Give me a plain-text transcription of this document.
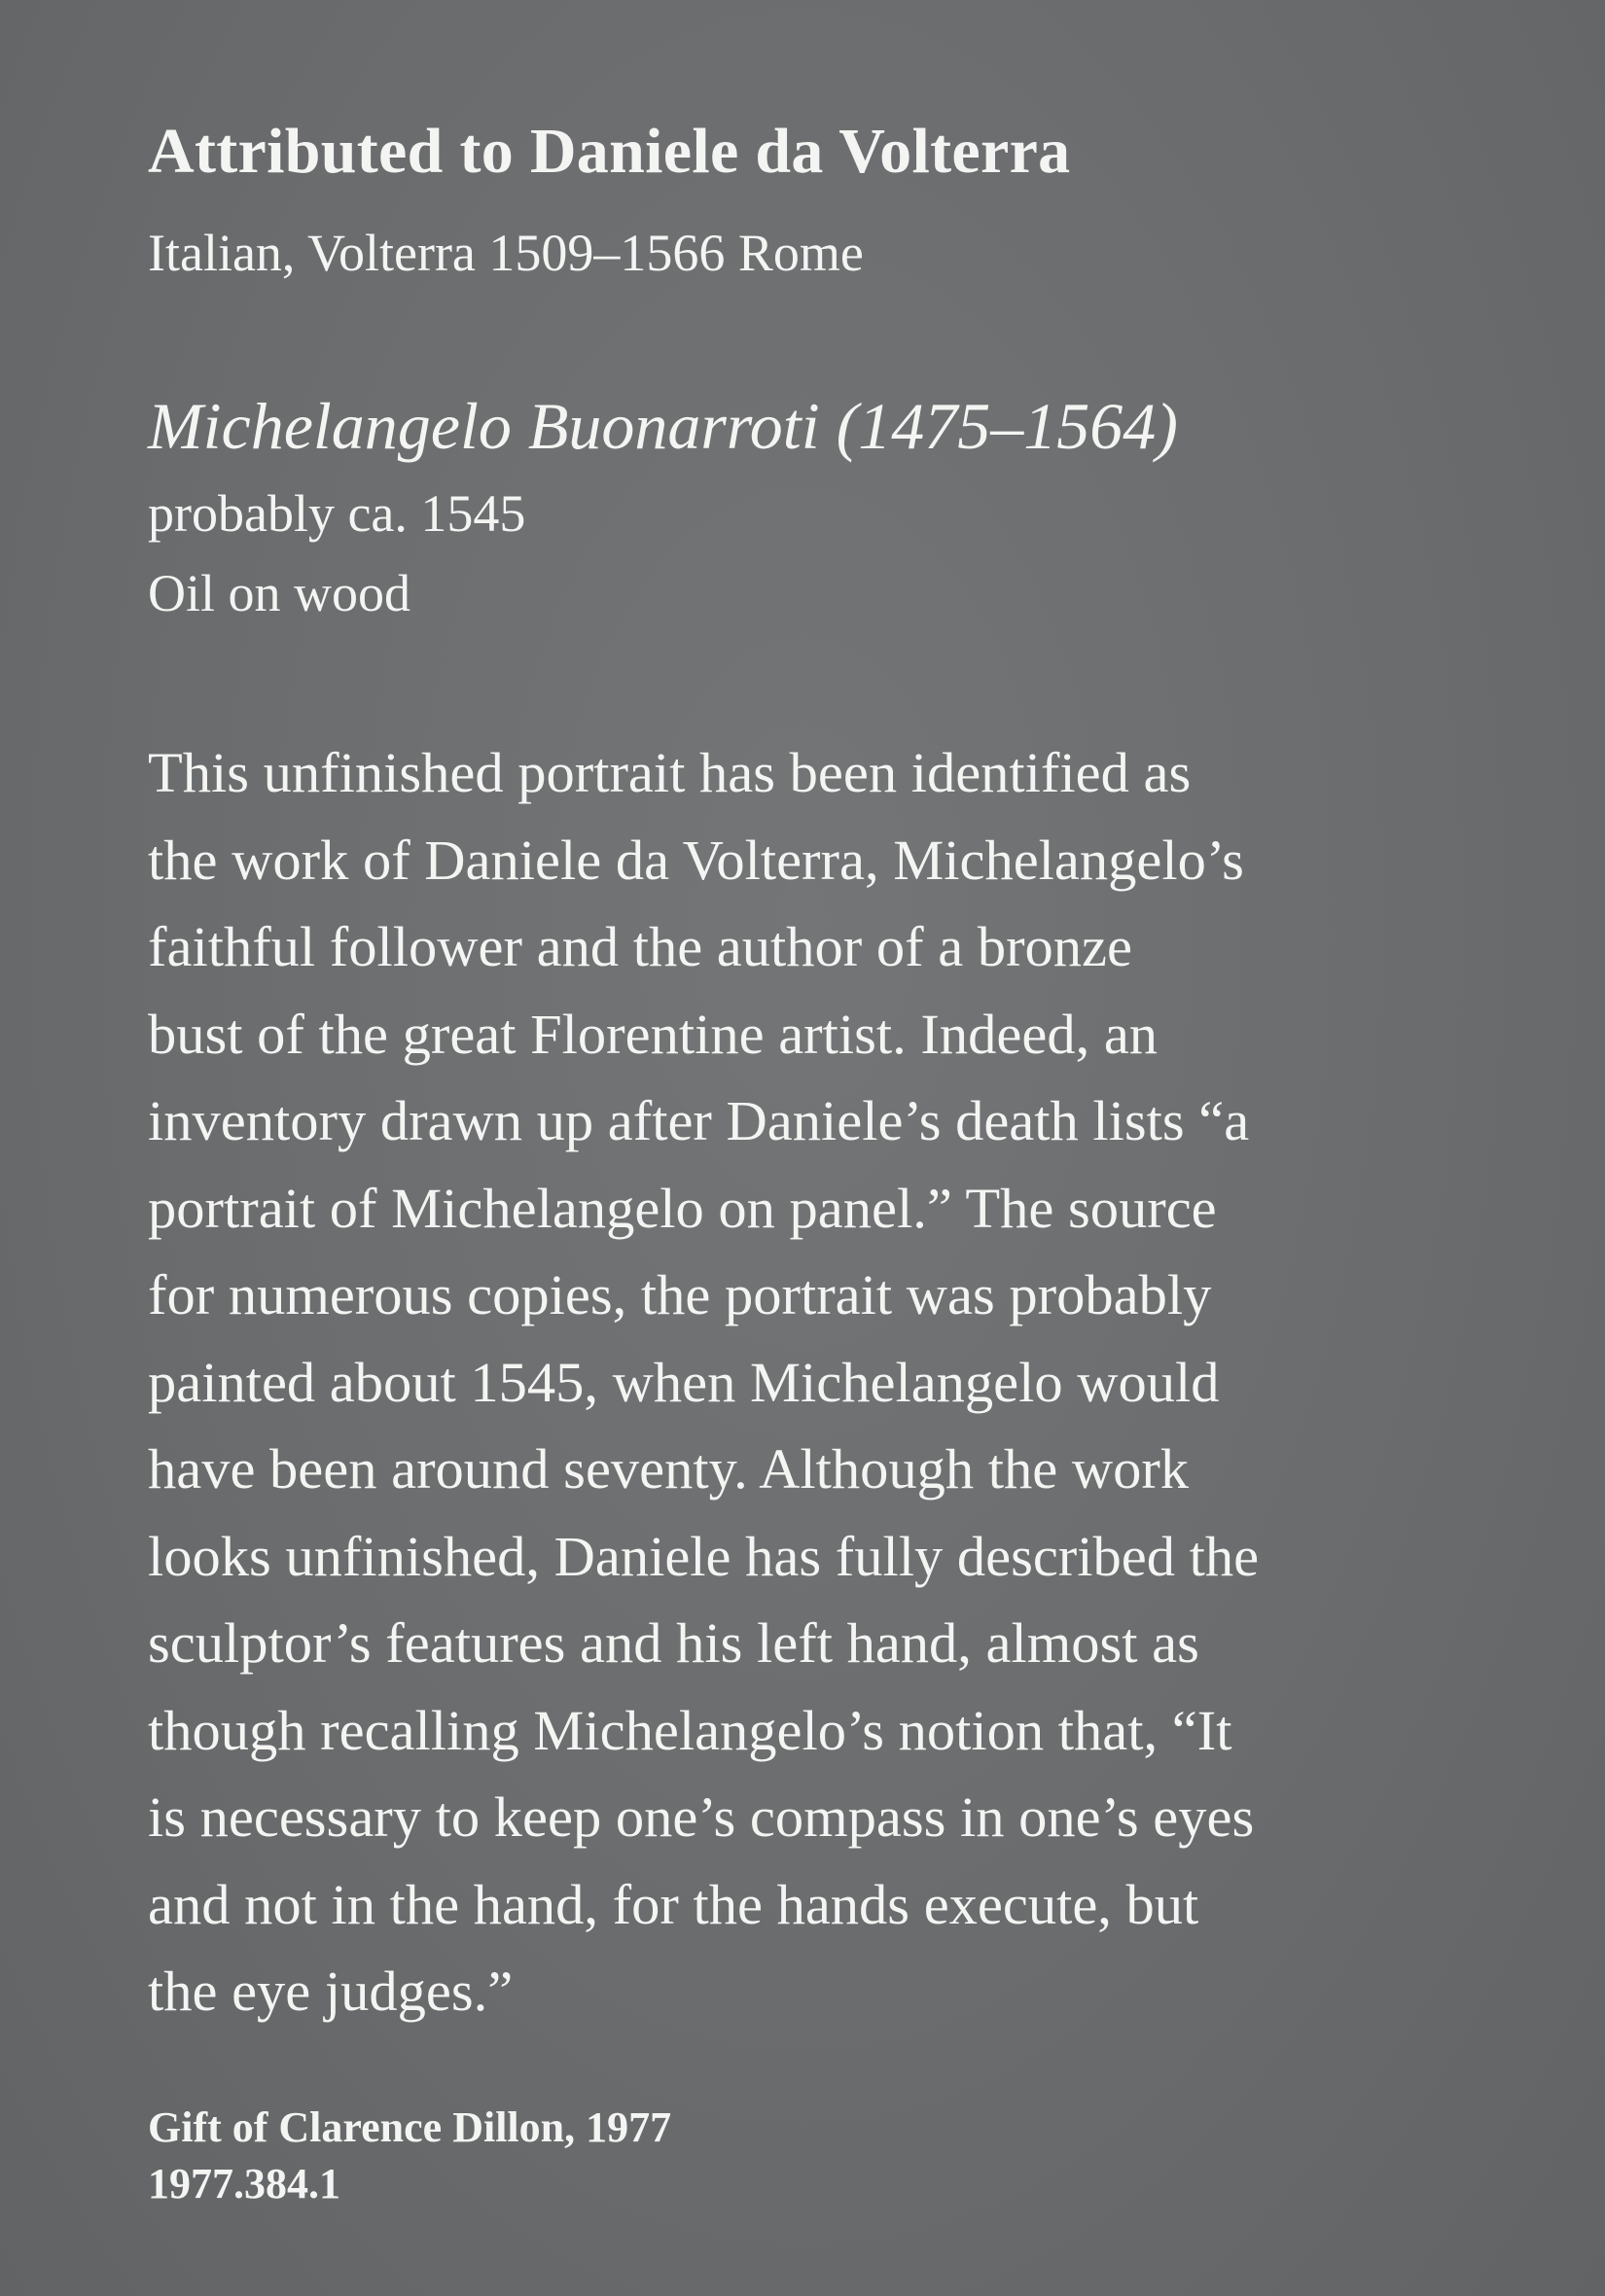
Attributed to Daniele da Volterra
Italian, Volterra 1509–1566 Rome
Michelangelo Buonarroti (1475–1564)
probably ca. 1545
Oil on wood
This unfinished portrait has been identified as
the work of Daniele da Volterra, Michelangelo’s
faithful follower and the author of a bronze
bust of the great Florentine artist. Indeed, an
inventory drawn up after Daniele’s death lists “a
portrait of Michelangelo on panel.” The source
for numerous copies, the portrait was probably
painted about 1545, when Michelangelo would
have been around seventy. Although the work
looks unfinished, Daniele has fully described the
sculptor’s features and his left hand, almost as
though recalling Michelangelo’s notion that, “It
is necessary to keep one’s compass in one’s eyes
and not in the hand, for the hands execute, but
the eye judges.”
Gift of Clarence Dillon, 1977
1977.384.1
